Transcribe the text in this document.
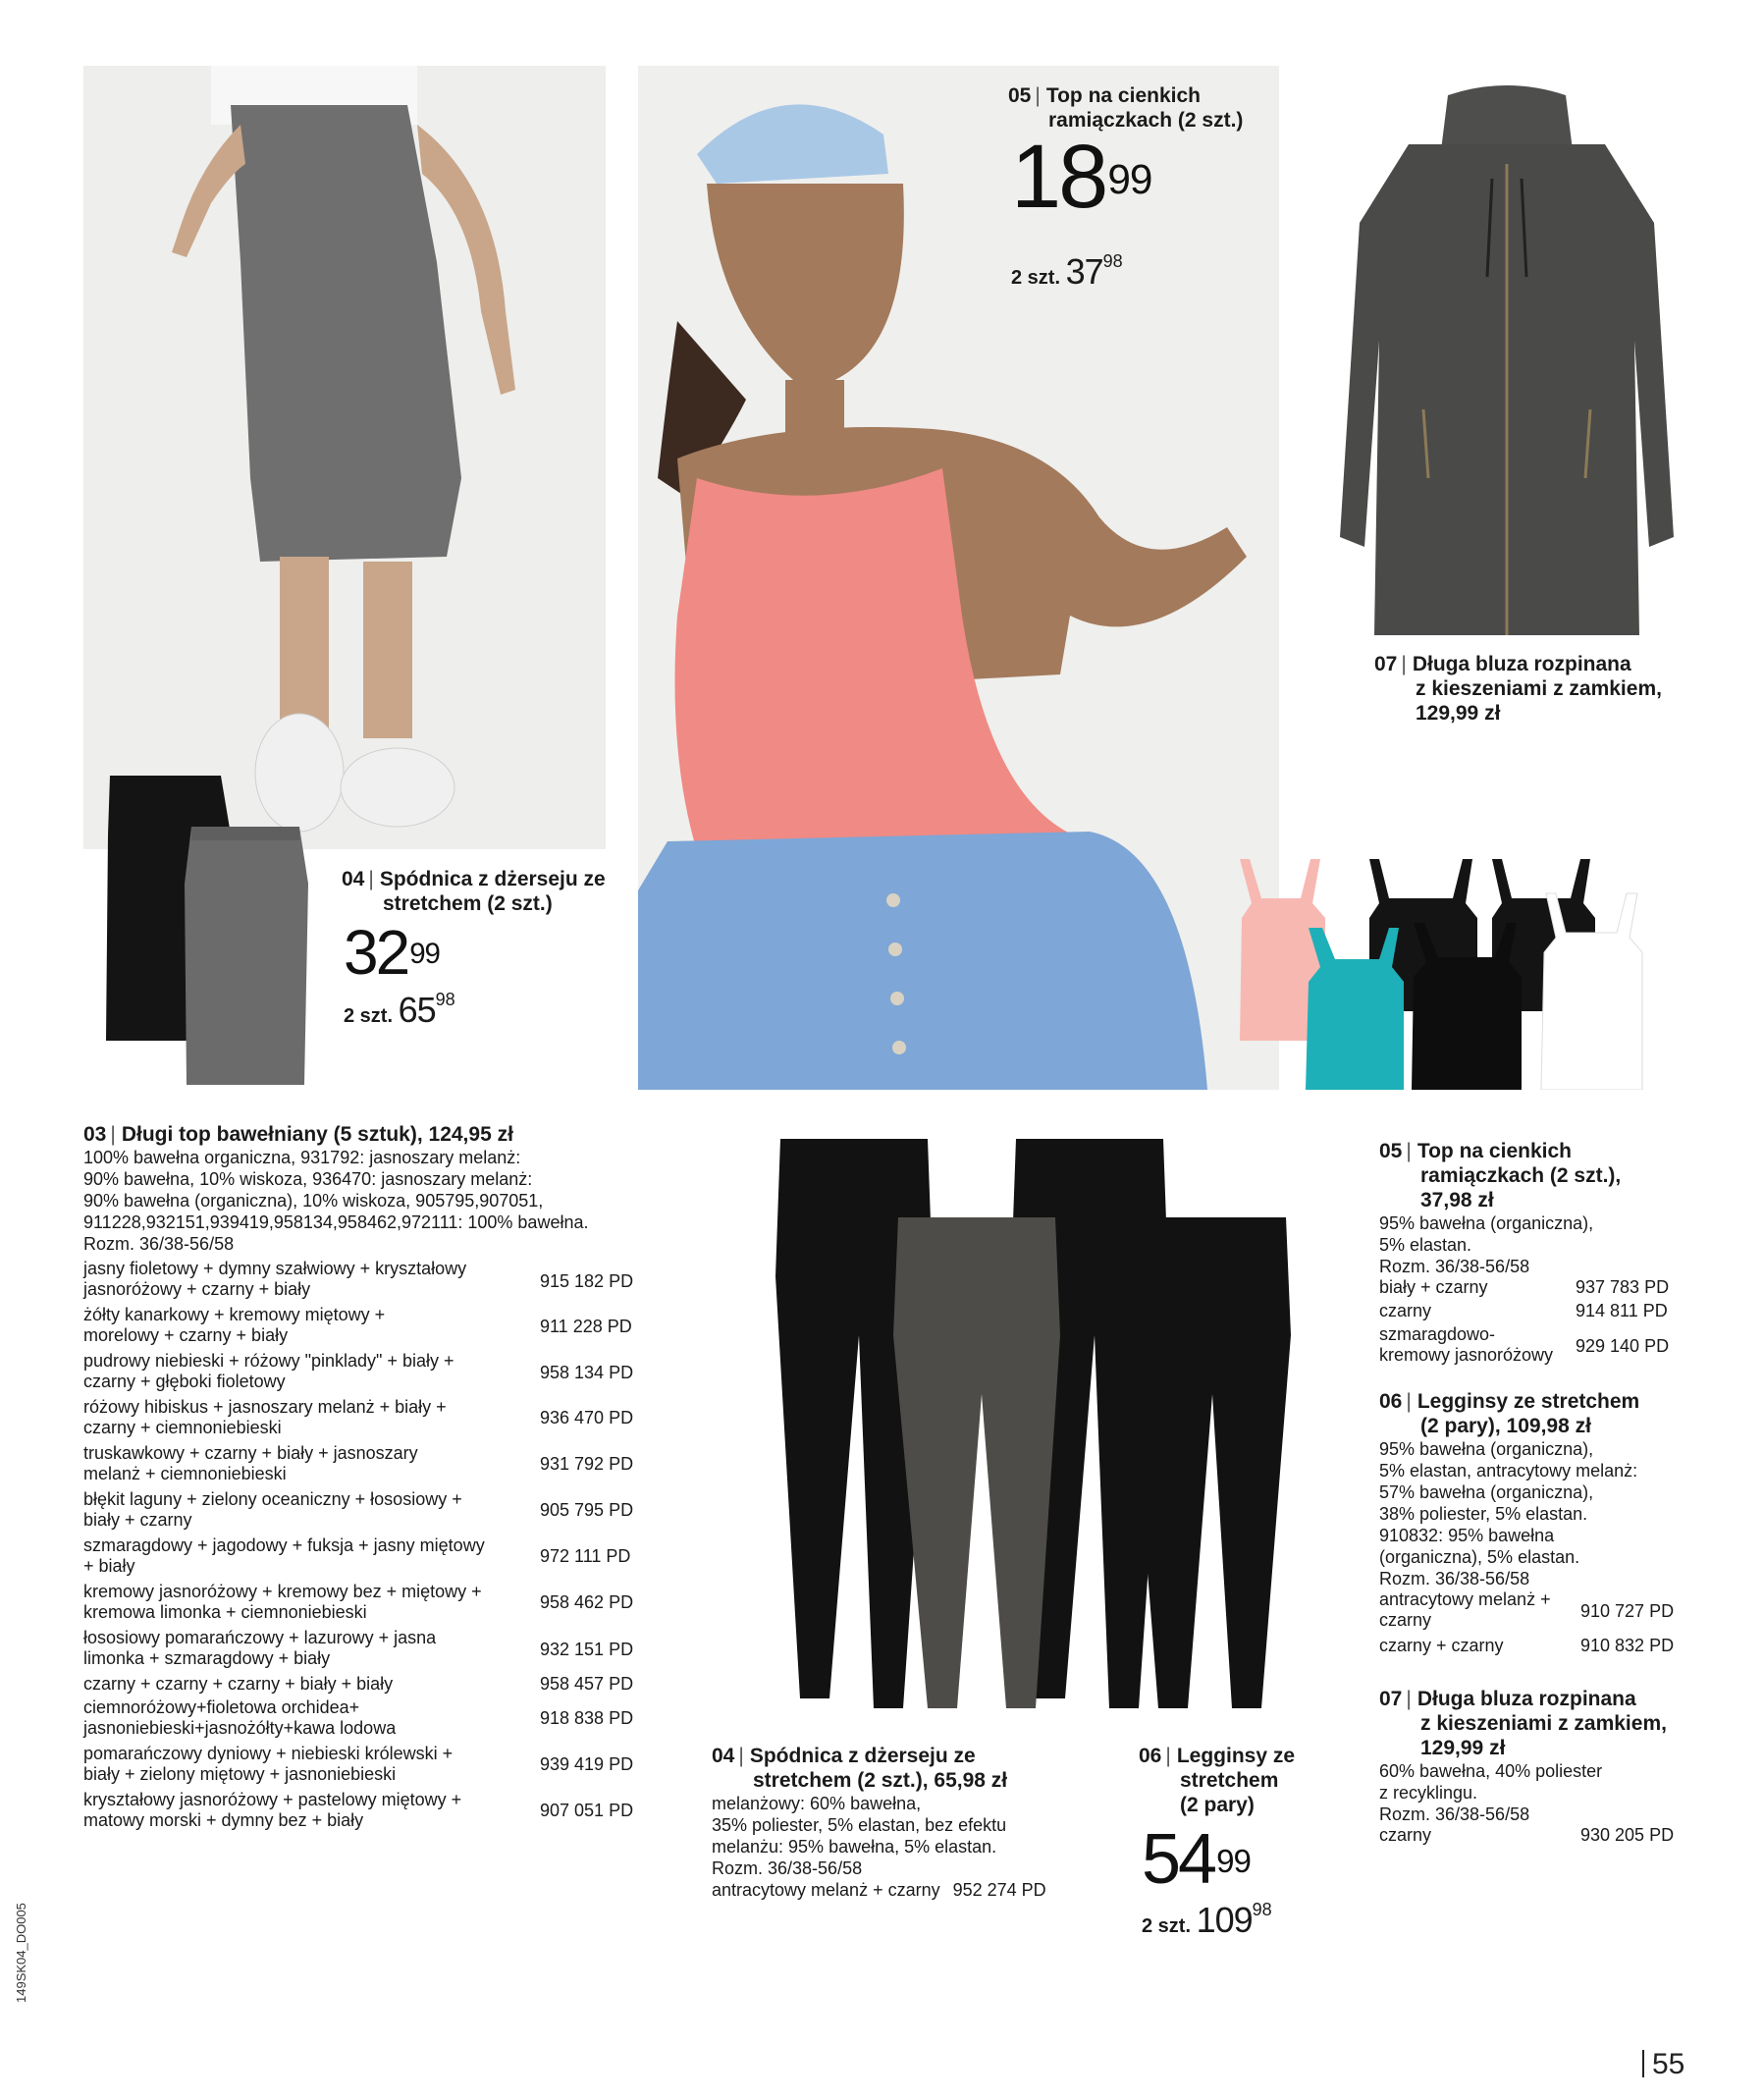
05 | Top na cienkich
ramiączkach (2 szt.)
$18^{99}$
2 szt. $37^{98}$
07 | Długa bluza rozpinana
z kieszeniami z zamkiem,
129,99 zł
04 | Spódnica z dżerseju ze
stretchem (2 szt.)
$32^{99}$
2 szt. $65^{98}$
06 | Legginsy ze
stretchem
(2 pary)
$54^{99}$
2 szt. $109^{98}$
03 | Długi top bawełniany (5 sztuk), 124,95 zł
100% bawełna organiczna, 931792: jasnoszary melanż:
90% bawełna, 10% wiskoza, 936470: jasnoszary melanż:
90% bawełna (organiczna), 10% wiskoza, 905795,907051,
911228,932151,939419,958134,958462,972111: 100% bawełna.
Rozm. 36/38-56/58
jasny fioletowy + dymny szałwiowy + kryształowy
jasnoróżowy + czarny + biały	915 182 PD
żółty kanarkowy + kremowy miętowy +
morelowy + czarny + biały	911 228 PD
pudrowy niebieski + różowy "pinklady" + biały +
czarny + głęboki fioletowy	958 134 PD
różowy hibiskus + jasnoszary melanż + biały +
czarny + ciemnoniebieski	936 470 PD
truskawkowy + czarny + biały + jasnoszary
melanż + ciemnoniebieski	931 792 PD
błękit laguny + zielony oceaniczny + łososiowy +
biały + czarny	905 795 PD
szmaragdowy + jagodowy + fuksja + jasny miętowy
+ biały	972 111 PD
kremowy jasnoróżowy + kremowy bez + miętowy +
kremowa limonka + ciemnoniebieski	958 462 PD
łososiowy pomarańczowy + lazurowy + jasna
limonka + szmaragdowy + biały	932 151 PD
czarny + czarny + czarny + biały + biały	958 457 PD
ciemnoróżowy+fioletowa orchidea+
jasnoniebieski+jasnożółty+kawa lodowa	918 838 PD
pomarańczowy dyniowy + niebieski królewski +
biały + zielony miętowy + jasnoniebieski	939 419 PD
kryształowy jasnoróżowy + pastelowy miętowy +
matowy morski + dymny bez + biały	907 051 PD
04 | Spódnica z dżerseju ze
stretchem (2 szt.), 65,98 zł
melanżowy: 60% bawełna,
35% poliester, 5% elastan, bez efektu
melanżu: 95% bawełna, 5% elastan.
Rozm. 36/38-56/58
antracytowy melanż + czarny 952 274 PD
05 | Top na cienkich
ramiączkach (2 szt.),
37,98 zł
95% bawełna (organiczna),
5% elastan.
Rozm. 36/38-56/58
biały + czarny	937 783 PD
czarny	914 811 PD
szmaragdowo-
kremowy jasnoróżowy 929 140 PD
06 | Legginsy ze stretchem
(2 pary), 109,98 zł
95% bawełna (organiczna),
5% elastan, antracytowy melanż:
57% bawełna (organiczna),
38% poliester, 5% elastan.
910832: 95% bawełna
(organiczna), 5% elastan.
Rozm. 36/38-56/58
antracytowy melanż +
czarny	910 727 PD
czarny + czarny	910 832 PD
07 | Długa bluza rozpinana
z kieszeniami z zamkiem,
129,99 zł
60% bawełna, 40% poliester
z recyklingu.
Rozm. 36/38-56/58
czarny	930 205 PD
149SK04_DO005
55
